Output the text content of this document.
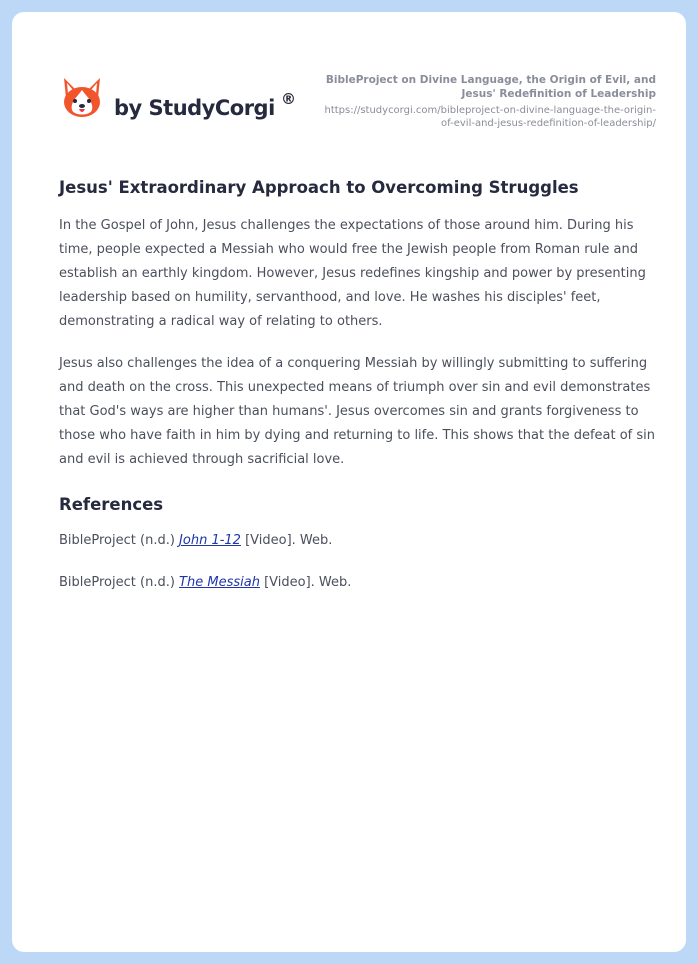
by StudyCorgi ®
BibleProject on Divine Language, the Origin of Evil, and Jesus' Redefinition of Leadership
https://studycorgi.com/bibleproject-on-divine-language-the-origin-of-evil-and-jesus-redefinition-of-leadership/
Jesus' Extraordinary Approach to Overcoming Struggles

In the Gospel of John, Jesus challenges the expectations of those around him. During his time, people expected a Messiah who would free the Jewish people from Roman rule and establish an earthly kingdom. However, Jesus redefines kingship and power by presenting leadership based on humility, servanthood, and love. He washes his disciples' feet, demonstrating a radical way of relating to others.

Jesus also challenges the idea of a conquering Messiah by willingly submitting to suffering and death on the cross. This unexpected means of triumph over sin and evil demonstrates that God's ways are higher than humans'. Jesus overcomes sin and grants forgiveness to those who have faith in him by dying and returning to life. This shows that the defeat of sin and evil is achieved through sacrificial love.

References

BibleProject (n.d.) John 1-12 [Video]. Web.

BibleProject (n.d.) The Messiah [Video]. Web.
